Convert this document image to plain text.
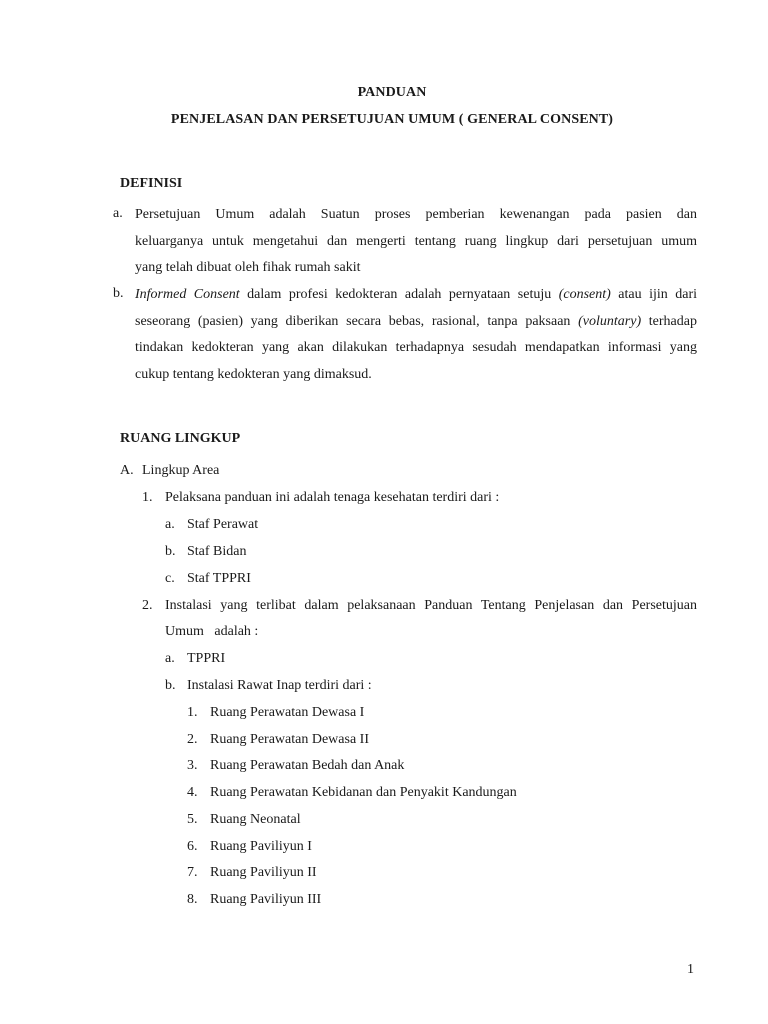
PANDUAN
PENJELASAN DAN PERSETUJUAN UMUM ( GENERAL CONSENT)
DEFINISI
a. Persetujuan Umum adalah Suatun proses pemberian kewenangan pada pasien dan
keluarganya untuk mengetahui dan mengerti tentang ruang lingkup dari persetujuan umum
yang telah dibuat oleh fihak rumah sakit
b. Informed Consent dalam profesi kedokteran adalah pernyataan setuju (consent) atau ijin dari
seseorang (pasien) yang diberikan secara bebas, rasional, tanpa paksaan (voluntary) terhadap
tindakan kedokteran yang akan dilakukan terhadapnya sesudah mendapatkan informasi yang
cukup tentang kedokteran yang dimaksud.
RUANG LINGKUP
A. Lingkup Area
1. Pelaksana panduan ini adalah tenaga kesehatan terdiri dari :
a. Staf Perawat
b. Staf Bidan
c. Staf TPPRI
2. Instalasi yang terlibat dalam pelaksanaan Panduan Tentang Penjelasan dan Persetujuan
Umum   adalah :
a. TPPRI
b. Instalasi Rawat Inap terdiri dari :
1. Ruang Perawatan Dewasa I
2. Ruang Perawatan Dewasa II
3. Ruang Perawatan Bedah dan Anak
4. Ruang Perawatan Kebidanan dan Penyakit Kandungan
5. Ruang Neonatal
6. Ruang Paviliyun I
7. Ruang Paviliyun II
8. Ruang Paviliyun III
1
